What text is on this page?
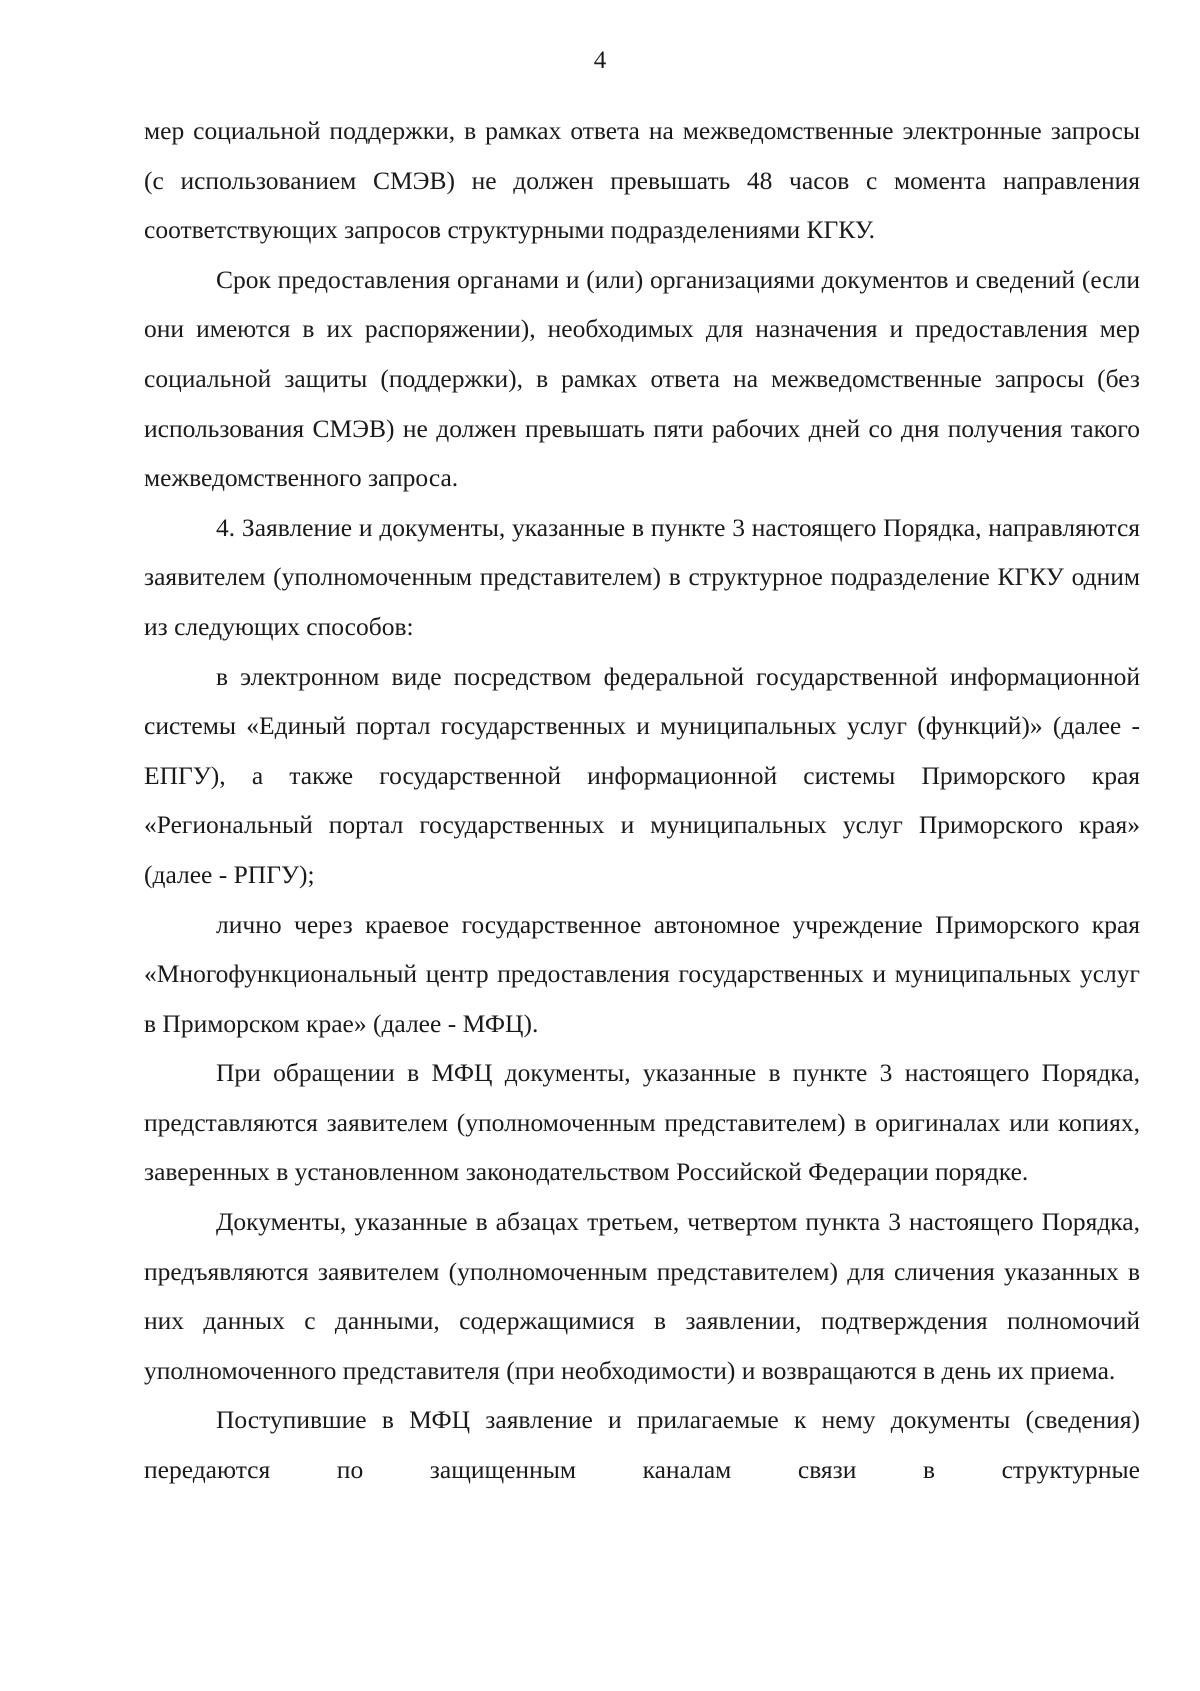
4

мер социальной поддержки, в рамках ответа на межведомственные электронные запросы (с использованием СМЭВ) не должен превышать 48 часов с момента направления соответствующих запросов структурными подразделениями КГКУ.

Срок предоставления органами и (или) организациями документов и сведений (если они имеются в их распоряжении), необходимых для назначения и предоставления мер социальной защиты (поддержки), в рамках ответа на межведомственные запросы (без использования СМЭВ) не должен превышать пяти рабочих дней со дня получения такого межведомственного запроса.

4. Заявление и документы, указанные в пункте 3 настоящего Порядка, направляются заявителем (уполномоченным представителем) в структурное подразделение КГКУ одним из следующих способов:

в электронном виде посредством федеральной государственной информационной системы «Единый портал государственных и муниципальных услуг (функций)» (далее - ЕПГУ), а также государственной информационной системы Приморского края «Региональный портал государственных и муниципальных услуг Приморского края» (далее - РПГУ);

лично через краевое государственное автономное учреждение Приморского края «Многофункциональный центр предоставления государственных и муниципальных услуг в Приморском крае» (далее - МФЦ).

При обращении в МФЦ документы, указанные в пункте 3 настоящего Порядка, представляются заявителем (уполномоченным представителем) в оригиналах или копиях, заверенных в установленном законодательством Российской Федерации порядке.

Документы, указанные в абзацах третьем, четвертом пункта 3 настоящего Порядка, предъявляются заявителем (уполномоченным представителем) для сличения указанных в них данных с данными, содержащимися в заявлении, подтверждения полномочий уполномоченного представителя (при необходимости) и возвращаются в день их приема.

Поступившие в МФЦ заявление и прилагаемые к нему документы (сведения) передаются по защищенным каналам связи в структурные
